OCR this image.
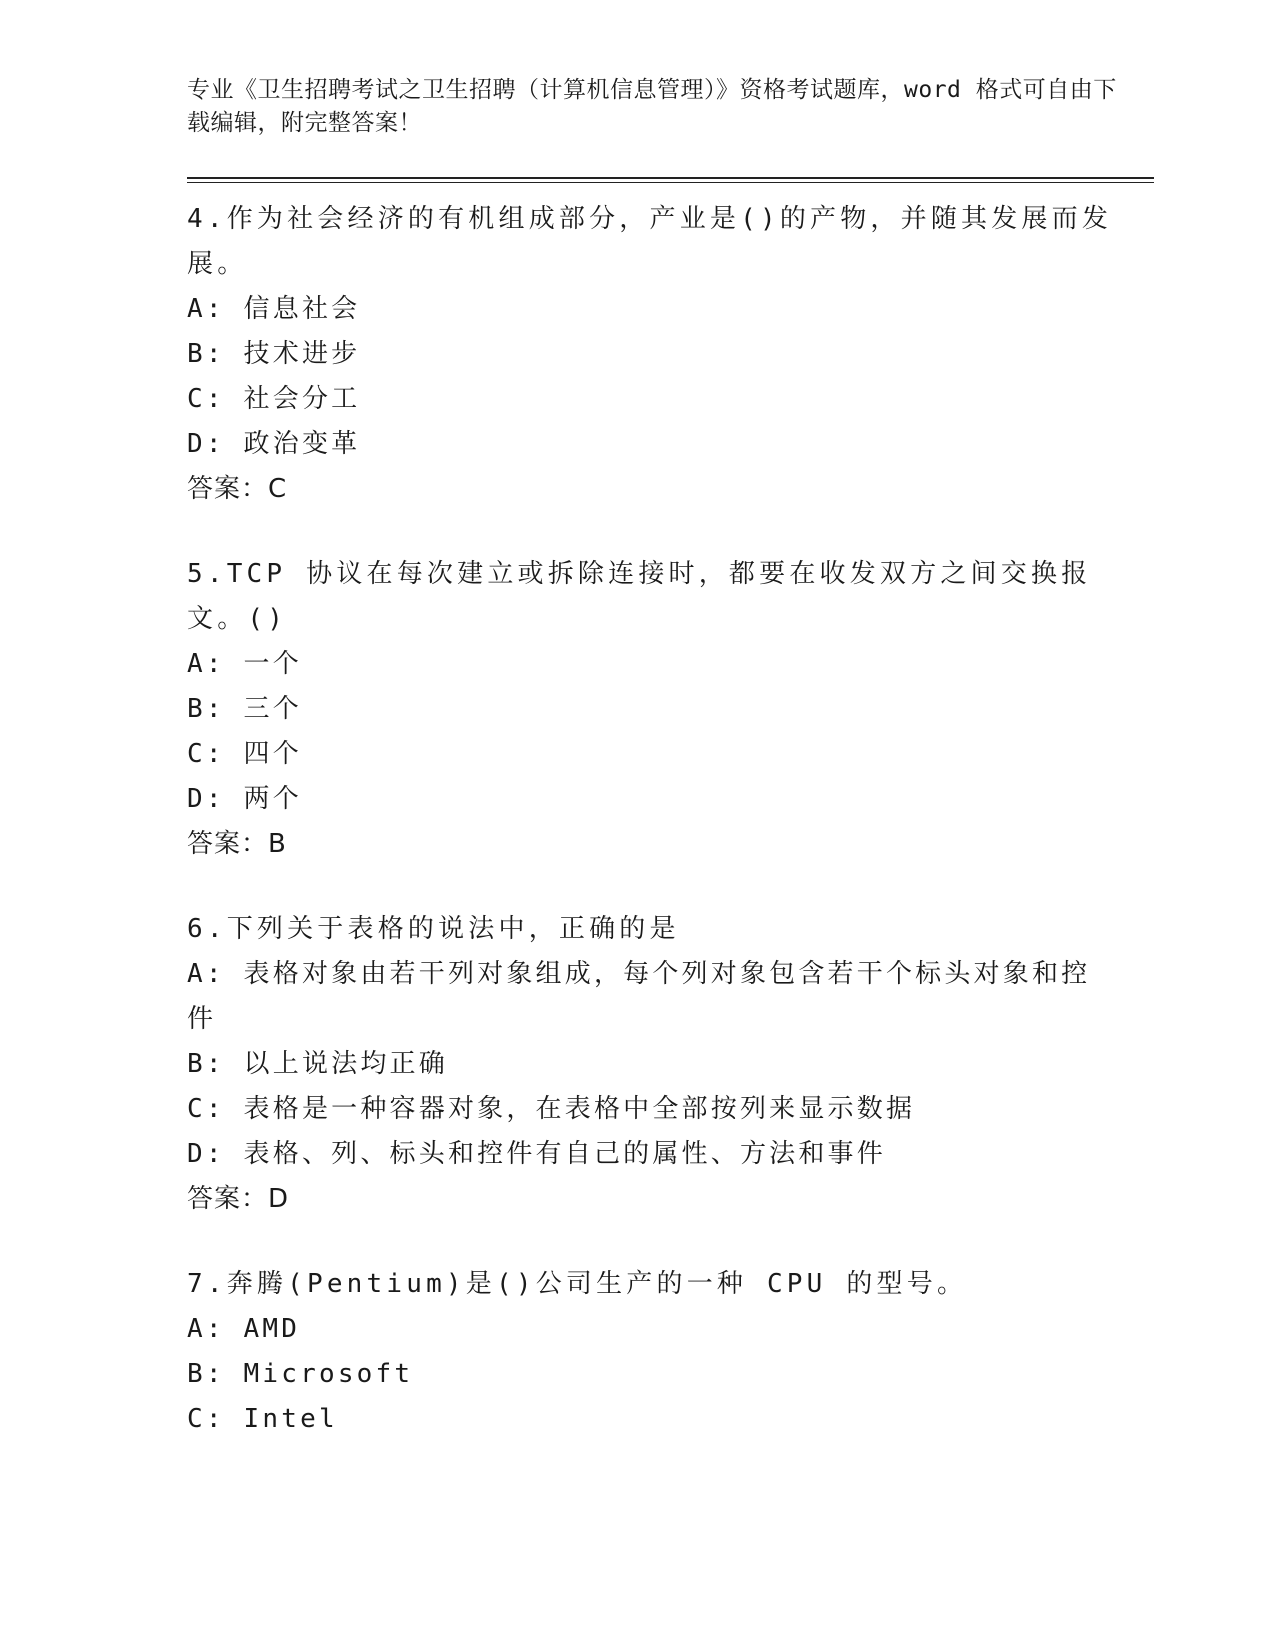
专业《卫生招聘考试之卫生招聘（计算机信息管理）》资格考试题库，word 格式可自由下载编辑，附完整答案！

4.作为社会经济的有机组成部分，产业是()的产物，并随其发展而发展。
A: 信息社会
B: 技术进步
C: 社会分工
D: 政治变革
答案：C
5.TCP 协议在每次建立或拆除连接时，都要在收发双方之间交换报文。()
A: 一个
B: 三个
C: 四个
D: 两个
答案：B
6.下列关于表格的说法中，正确的是
A: 表格对象由若干列对象组成，每个列对象包含若干个标头对象和控件
B: 以上说法均正确
C: 表格是一种容器对象，在表格中全部按列来显示数据
D: 表格、列、标头和控件有自己的属性、方法和事件
答案：D
7.奔腾(Pentium)是()公司生产的一种 CPU 的型号。
A: AMD
B: Microsoft
C: Intel
